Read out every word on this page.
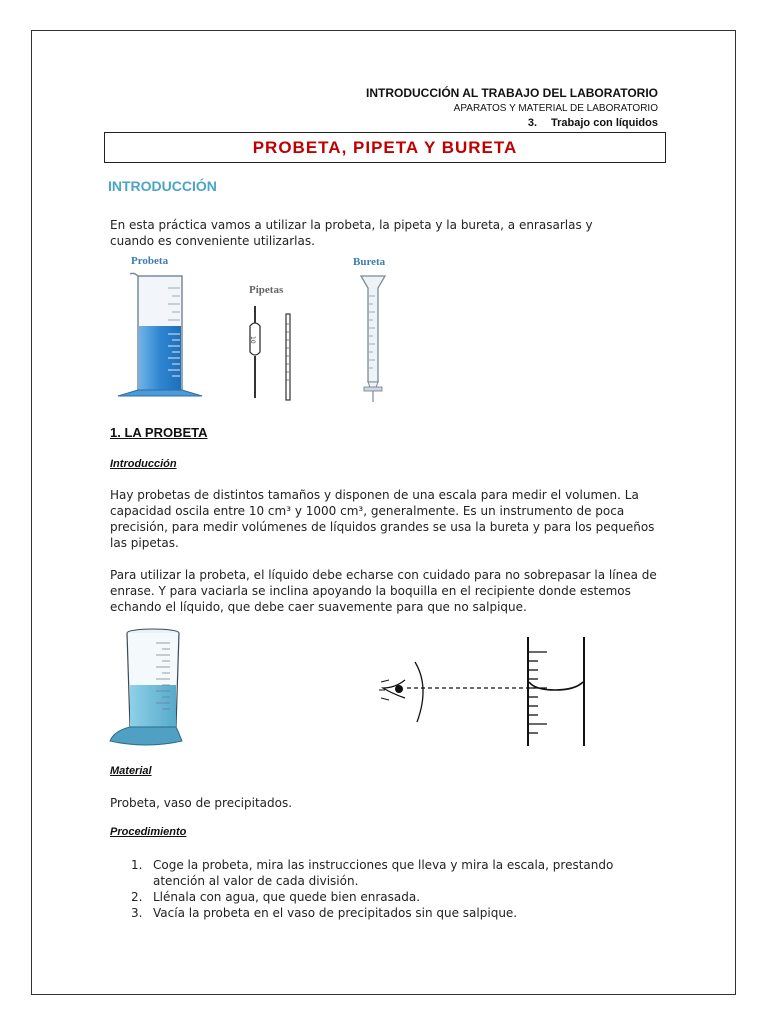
INTRODUCCIÓN AL TRABAJO DEL LABORATORIO
APARATOS Y MATERIAL DE LABORATORIO
3. Trabajo con líquidos
PROBETA, PIPETA Y BURETA
INTRODUCCIÓN

En esta práctica vamos a utilizar la probeta, la pipeta y la bureta, a enrasarlas y cuando es conveniente utilizarlas.

Probeta
Pipetas
Bureta
10
1. LA PROBETA
Introducción

Hay probetas de distintos tamaños y disponen de una escala para medir el volumen. La capacidad oscila entre 10 cm³ y 1000 cm³, generalmente. Es un instrumento de poca precisión, para medir volúmenes de líquidos grandes se usa la bureta y para los pequeños las pipetas.

Para utilizar la probeta, el líquido debe echarse con cuidado para no sobrepasar la línea de enrase. Y para vaciarla se inclina apoyando la boquilla en el recipiente donde estemos echando el líquido, que debe caer suavemente para que no salpique.

Material

Probeta, vaso de precipitados.

Procedimiento
1. Coge la probeta, mira las instrucciones que lleva y mira la escala, prestando atención al valor de cada división.
2. Llénala con agua, que quede bien enrasada.
3. Vacía la probeta en el vaso de precipitados sin que salpique.
